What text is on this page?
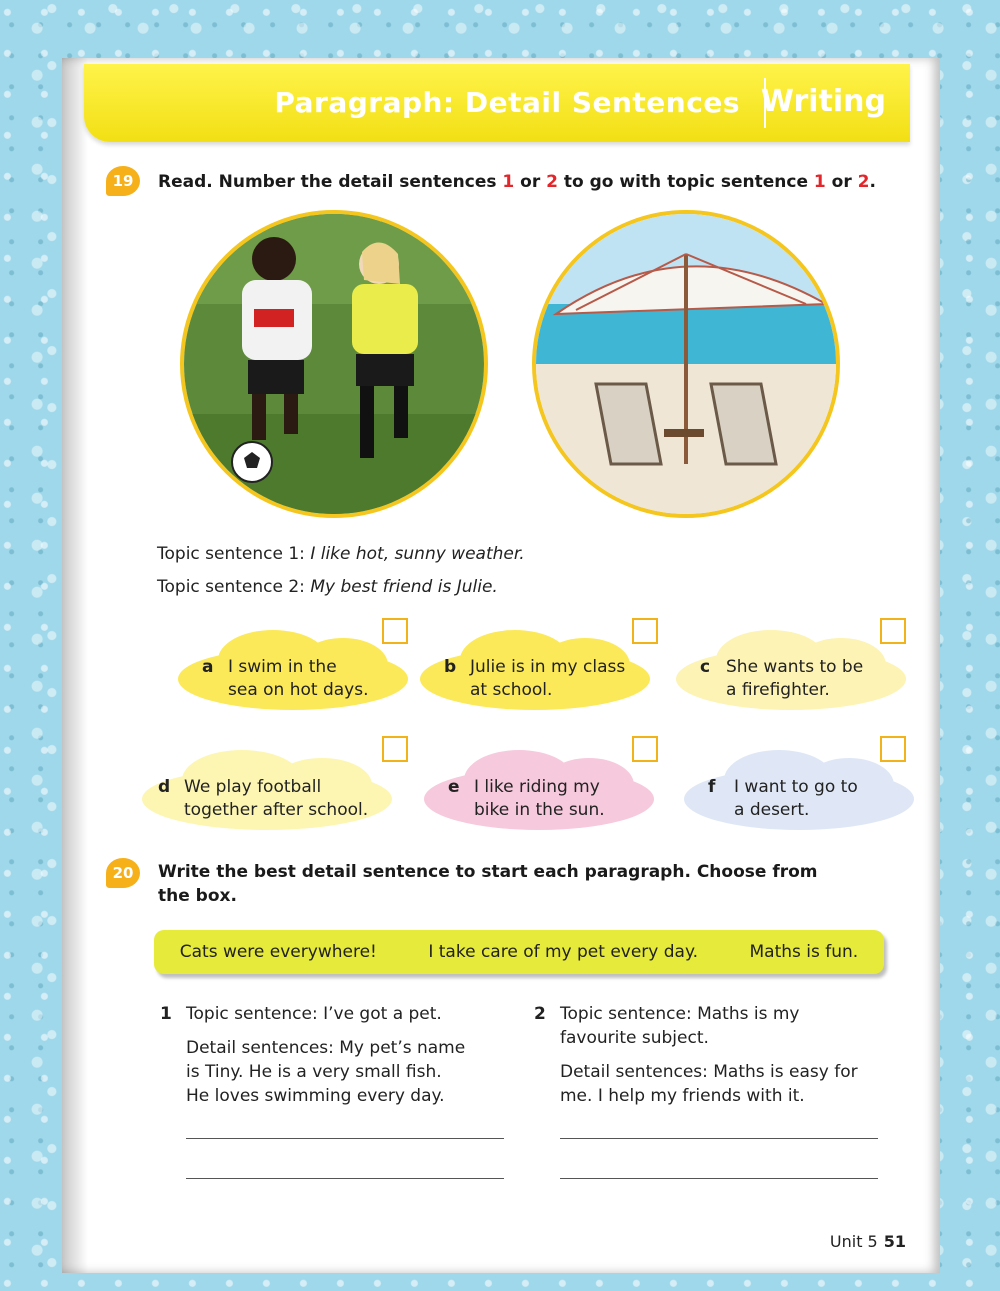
Paragraph: Detail Sentences Writing
19	Read. Number the detail sentences 1 or 2 to go with topic sentence 1 or 2.
Topic sentence 1: I like hot, sunny weather.
Topic sentence 2: My best friend is Julie.
a I swim in the
sea on hot days.
b Julie is in my class
at school.
c She wants to be
a firefighter.
d We play football
together after school.
e I like riding my
bike in the sun.
f	I want to go to
a desert.
20	Write the best detail sentence to start each paragraph. Choose from
the box.
Cats were everywhere!	I take care of my pet every day.	Maths is fun.
1 Topic sentence: I’ve got a pet.
Detail sentences: My pet’s name
is Tiny. He is a very small fish.
He loves swimming every day.
2 Topic sentence: Maths is my
favourite subject.
Detail sentences: Maths is easy for
me. I help my friends with it.
Unit 5 51
